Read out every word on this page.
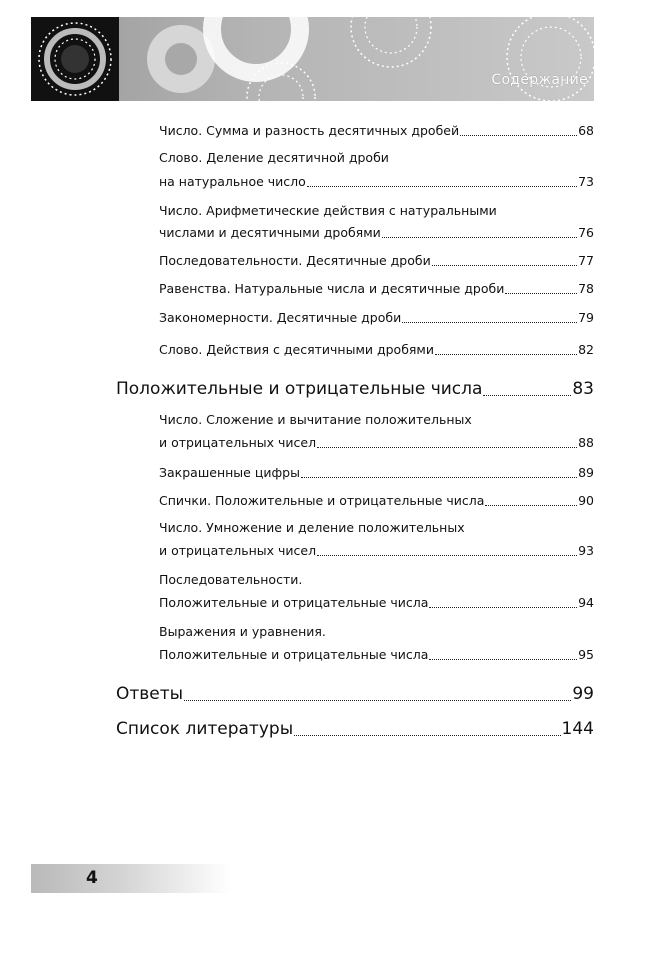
Содержание
Число. Сумма и разность десятичных дробей	68
Слово. Деление десятичной дроби
на натуральное число	73
Число. Арифметические действия с натуральными
числами и десятичными дробями	76
Последовательности. Десятичные дроби	77
Равенства. Натуральные числа и десятичные дроби	78
Закономерности. Десятичные дроби	79
Слово. Действия с десятичными дробями	82
Положительные и отрицательные числа	83
Число. Сложение и вычитание положительных
и отрицательных чисел	88
Закрашенные цифры	89
Спички. Положительные и отрицательные числа	90
Число. Умножение и деление положительных
и отрицательных чисел	93
Последовательности.
Положительные и отрицательные числа	94
Выражения и уравнения.
Положительные и отрицательные числа	95
Ответы	99
Список литературы	144
4
